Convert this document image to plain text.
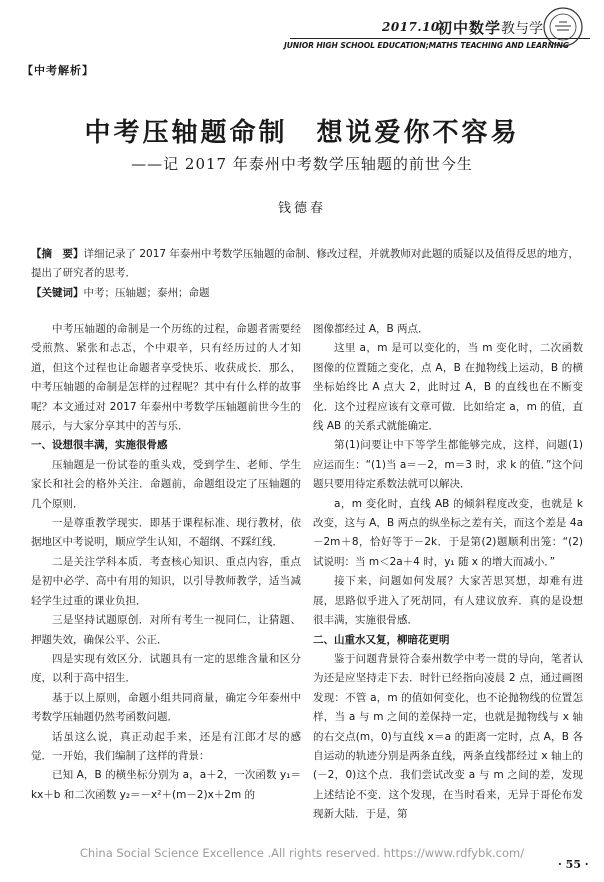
2017.10
初中数学教与学
JUNIOR HIGH SCHOOL EDUCATION;MATHS TEACHING AND LEARNING
【中考解析】
中考压轴题命制　想说爱你不容易
——记 2017 年泰州中考数学压轴题的前世今生
钱德春
【摘　要】详细记录了 2017 年泰州中考数学压轴题的命制、修改过程，并就教师对此题的质疑以及值得反思的地方，提出了研究者的思考．
【关键词】中考；压轴题；泰州；命题

中考压轴题的命制是一个历练的过程，命题者需要经受煎熬、紧张和忐忑，个中艰辛，只有经历过的人才知道，但这个过程也让命题者享受快乐、收获成长．那么，中考压轴题的命制是怎样的过程呢？其中有什么样的故事呢？本文通过对 2017 年泰州中考数学压轴题前世今生的展示，与大家分享其中的苦与乐．

一、设想很丰满，实施很骨感

压轴题是一份试卷的重头戏，受到学生、老师、学生家长和社会的格外关注．命题前，命题组设定了压轴题的几个原则．

一是尊重教学现实．即基于课程标准、现行教材，依据地区中考说明，顺应学生认知，不超纲、不踩红线．

二是关注学科本质．考查核心知识、重点内容，重点是初中必学、高中有用的知识，以引导教师教学，适当减轻学生过重的课业负担．

三是坚持试题原创．对所有考生一视同仁，让猜题、押题失效，确保公平、公正．

四是实现有效区分．试题具有一定的思维含量和区分度，以利于高中招生．

基于以上原则，命题小组共同商量，确定今年泰州中考数学压轴题仍然考函数问题．

话虽这么说，真正动起手来，还是有江郎才尽的感觉．一开始，我们编制了这样的背景：

已知 A，B 的横坐标分别为 a，a＋2，一次函数 y₁＝kx＋b 和二次函数 y₂＝－x²＋(m－2)x＋2m 的

图像都经过 A，B 两点．

这里 a，m 是可以变化的，当 m 变化时，二次函数图像的位置随之变化，点 A，B 在抛物线上运动，B 的横坐标始终比 A 点大 2，此时过 A，B 的直线也在不断变化．这个过程应该有文章可做．比如给定 a，m 的值，直线 AB 的关系式就能确定．

第(1)问要让中下等学生都能够完成，这样，问题(1)应运而生：“(1)当 a＝－2，m＝3 时，求 k 的值．”这个问题只要用待定系数法就可以解决．

a，m 变化时，直线 AB 的倾斜程度改变，也就是 k 改变，这与 A，B 两点的纵坐标之差有关，而这个差是 4a－2m＋8，恰好等于－2k．于是第(2)题顺利出笼：“(2)试说明：当 m＜2a＋4 时，y₁ 随 x 的增大而减小．”

接下来，问题如何发展？大家苦思冥想，却难有进展，思路似乎进入了死胡同，有人建议放弃．真的是设想很丰满，实施很骨感．

二、山重水又复，柳暗花更明

鉴于问题背景符合泰州数学中考一贯的导向，笔者认为还是应坚持走下去．时针已经指向凌晨 2 点，通过画图发现：不管 a，m 的值如何变化，也不论抛物线的位置怎样，当 a 与 m 之间的差保持一定，也就是抛物线与 x 轴的右交点(m，0)与直线 x＝a 的距离一定时，点 A，B 各自运动的轨迹分别是两条直线，两条直线都经过 x 轴上的(－2，0)这个点．我们尝试改变 a 与 m 之间的差，发现上述结论不变．这个发现，在当时看来，无异于哥伦布发现新大陆．于是，第

China Social Science Excellence .All rights reserved. https://www.rdfybk.com/
· 55 ·
